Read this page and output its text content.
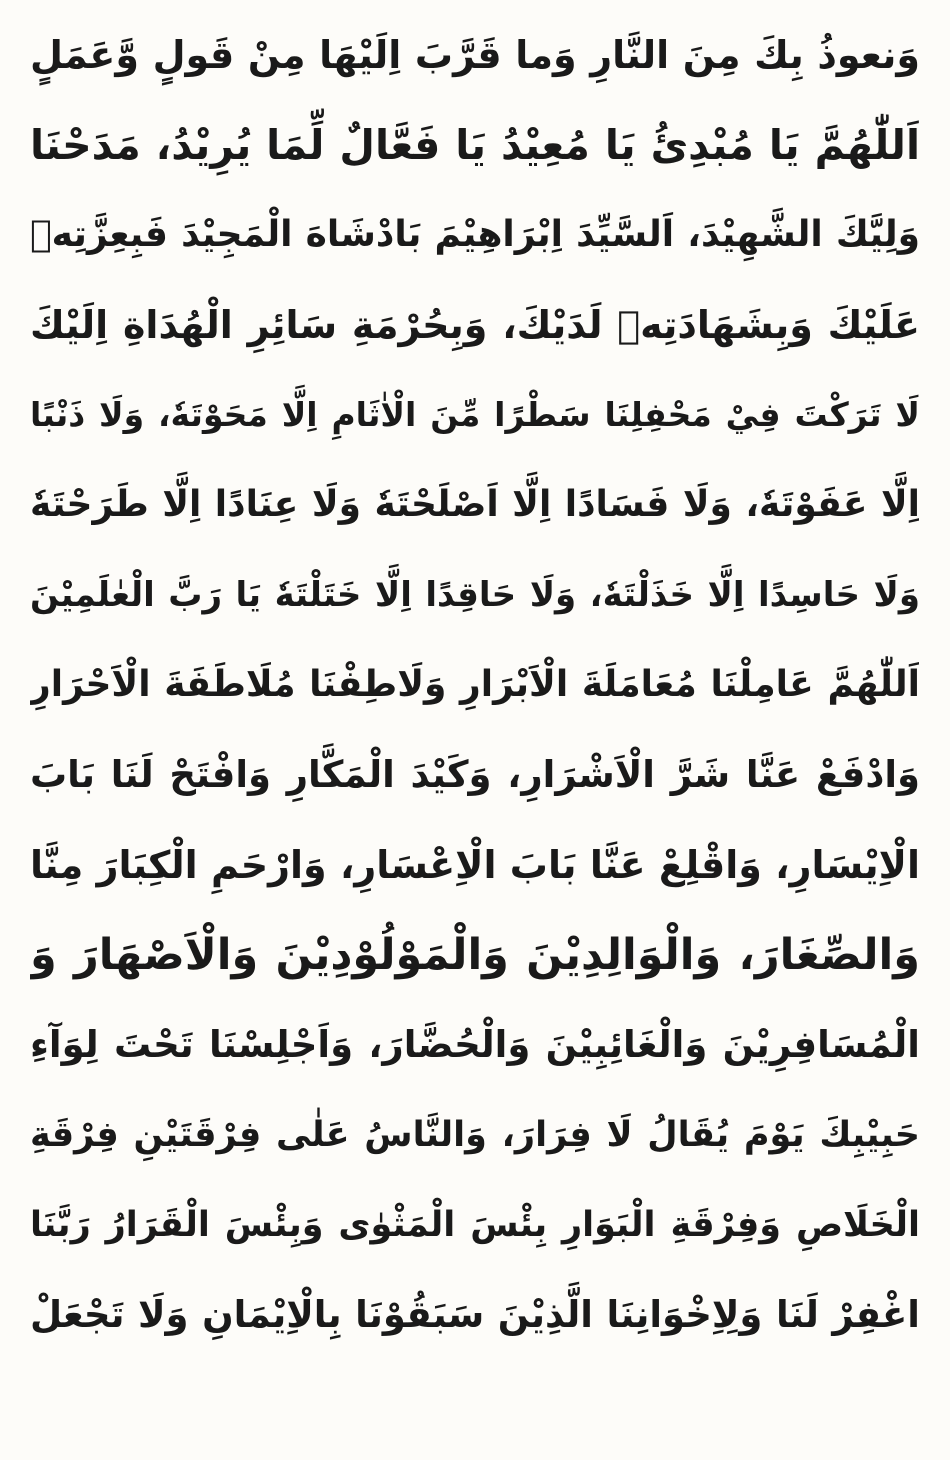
وَنعوذُ بِكَ مِنَ النَّارِ وَما قَرَّبَ اِلَيْهَا مِنْ قَولٍ وَّعَمَلٍ
اَللّٰهُمَّ يَا مُبْدِئُ يَا مُعِيْدُ يَا فَعَّالٌ لِّمَا يُرِيْدُ، مَدَحْنَا
وَلِيَّكَ الشَّهِيْدَ، اَلسَّيِّدَ اِبْرَاهِيْمَ بَادْشَاهَ الْمَجِيْدَ فَبِعِزَّتِهٖ
عَلَيْكَ وَبِشَهَادَتِهٖ لَدَيْكَ، وَبِحُرْمَةِ سَائِرِ الْهُدَاةِ اِلَيْكَ
لَا تَرَكْتَ فِيْ مَحْفِلِنَا سَطْرًا مِّنَ الْاٰثَامِ اِلَّا مَحَوْتَهٗ، وَلَا ذَنْبًا
اِلَّا عَفَوْتَهٗ، وَلَا فَسَادًا اِلَّا اَصْلَحْتَهٗ وَلَا عِنَادًا اِلَّا طَرَحْتَهٗ
وَلَا حَاسِدًا اِلَّا خَذَلْتَهٗ، وَلَا حَاقِدًا اِلَّا خَتَلْتَهٗ يَا رَبَّ الْعٰلَمِيْنَ
اَللّٰهُمَّ عَامِلْنَا مُعَامَلَةَ الْاَبْرَارِ وَلَاطِفْنَا مُلَاطَفَةَ الْاَحْرَارِ
وَادْفَعْ عَنَّا شَرَّ الْاَشْرَارِ، وَكَيْدَ الْمَكَّارِ وَافْتَحْ لَنَا بَابَ
الْاِيْسَارِ، وَاقْلِعْ عَنَّا بَابَ الْاِعْسَارِ، وَارْحَمِ الْكِبَارَ مِنَّا
وَالصِّغَارَ، وَالْوَالِدِيْنَ وَالْمَوْلُوْدِيْنَ وَالْاَصْهَارَ وَ
الْمُسَافِرِيْنَ وَالْغَائِبِيْنَ وَالْحُضَّارَ، وَاَجْلِسْنَا تَحْتَ لِوَآءِ
حَبِيْبِكَ يَوْمَ يُقَالُ لَا فِرَارَ، وَالنَّاسُ عَلٰى فِرْقَتَيْنِ فِرْقَةِ
الْخَلَاصِ وَفِرْقَةِ الْبَوَارِ بِئْسَ الْمَثْوٰى وَبِئْسَ الْقَرَارُ رَبَّنَا
اغْفِرْ لَنَا وَلِاِخْوَانِنَا الَّذِيْنَ سَبَقُوْنَا بِالْاِيْمَانِ وَلَا تَجْعَلْ
